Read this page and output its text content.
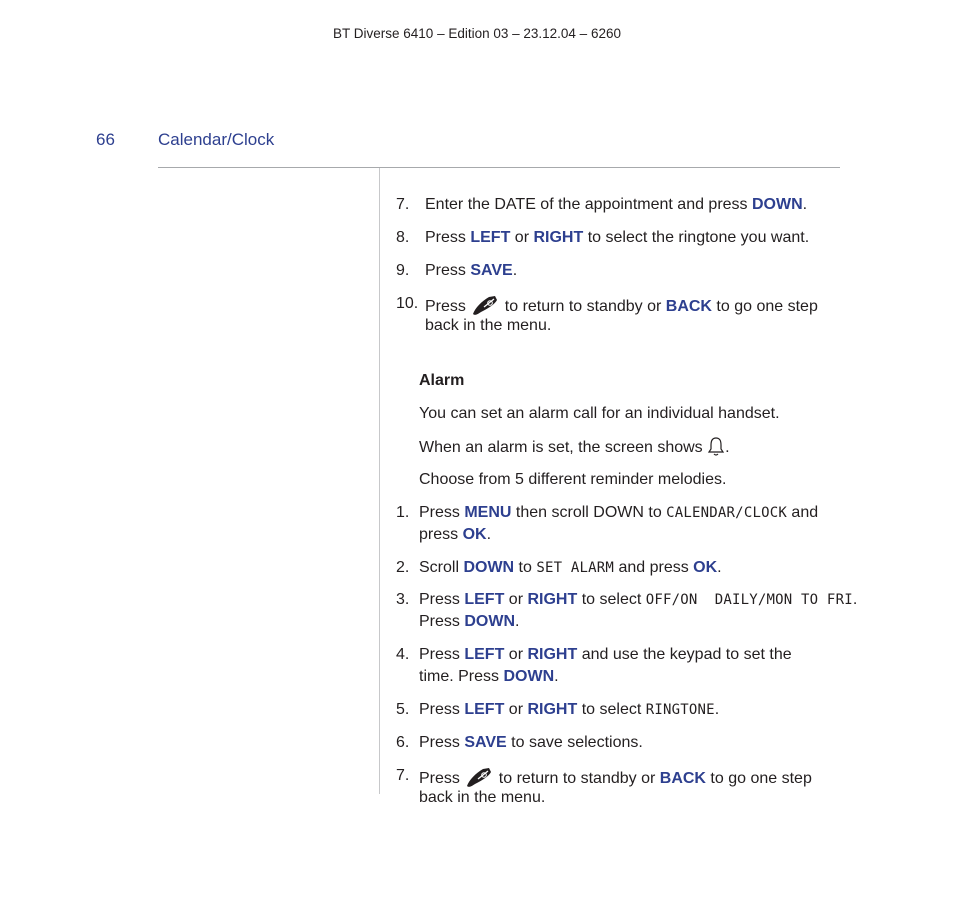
BT Diverse 6410 – Edition 03 – 23.12.04 – 6260
66	Calendar/Clock
7. Enter the DATE of the appointment and press DOWN.
8. Press LEFT or RIGHT to select the ringtone you want.
9. Press SAVE.
10. Press  to return to standby or BACK to go one step
back in the menu.
Alarm
You can set an alarm call for an individual handset.
When an alarm is set, the screen shows .
Choose from 5 different reminder melodies.
1. Press MENU then scroll DOWN to CALENDAR/CLOCK and
press OK.
2. Scroll DOWN to SET ALARM and press OK.
3. Press LEFT or RIGHT to select OFF/ON  DAILY/MON TO FRI.
Press DOWN.
4. Press LEFT or RIGHT and use the keypad to set the
time. Press DOWN.
5. Press LEFT or RIGHT to select RINGTONE.
6. Press SAVE to save selections.
7. Press  to return to standby or BACK to go one step
back in the menu.
